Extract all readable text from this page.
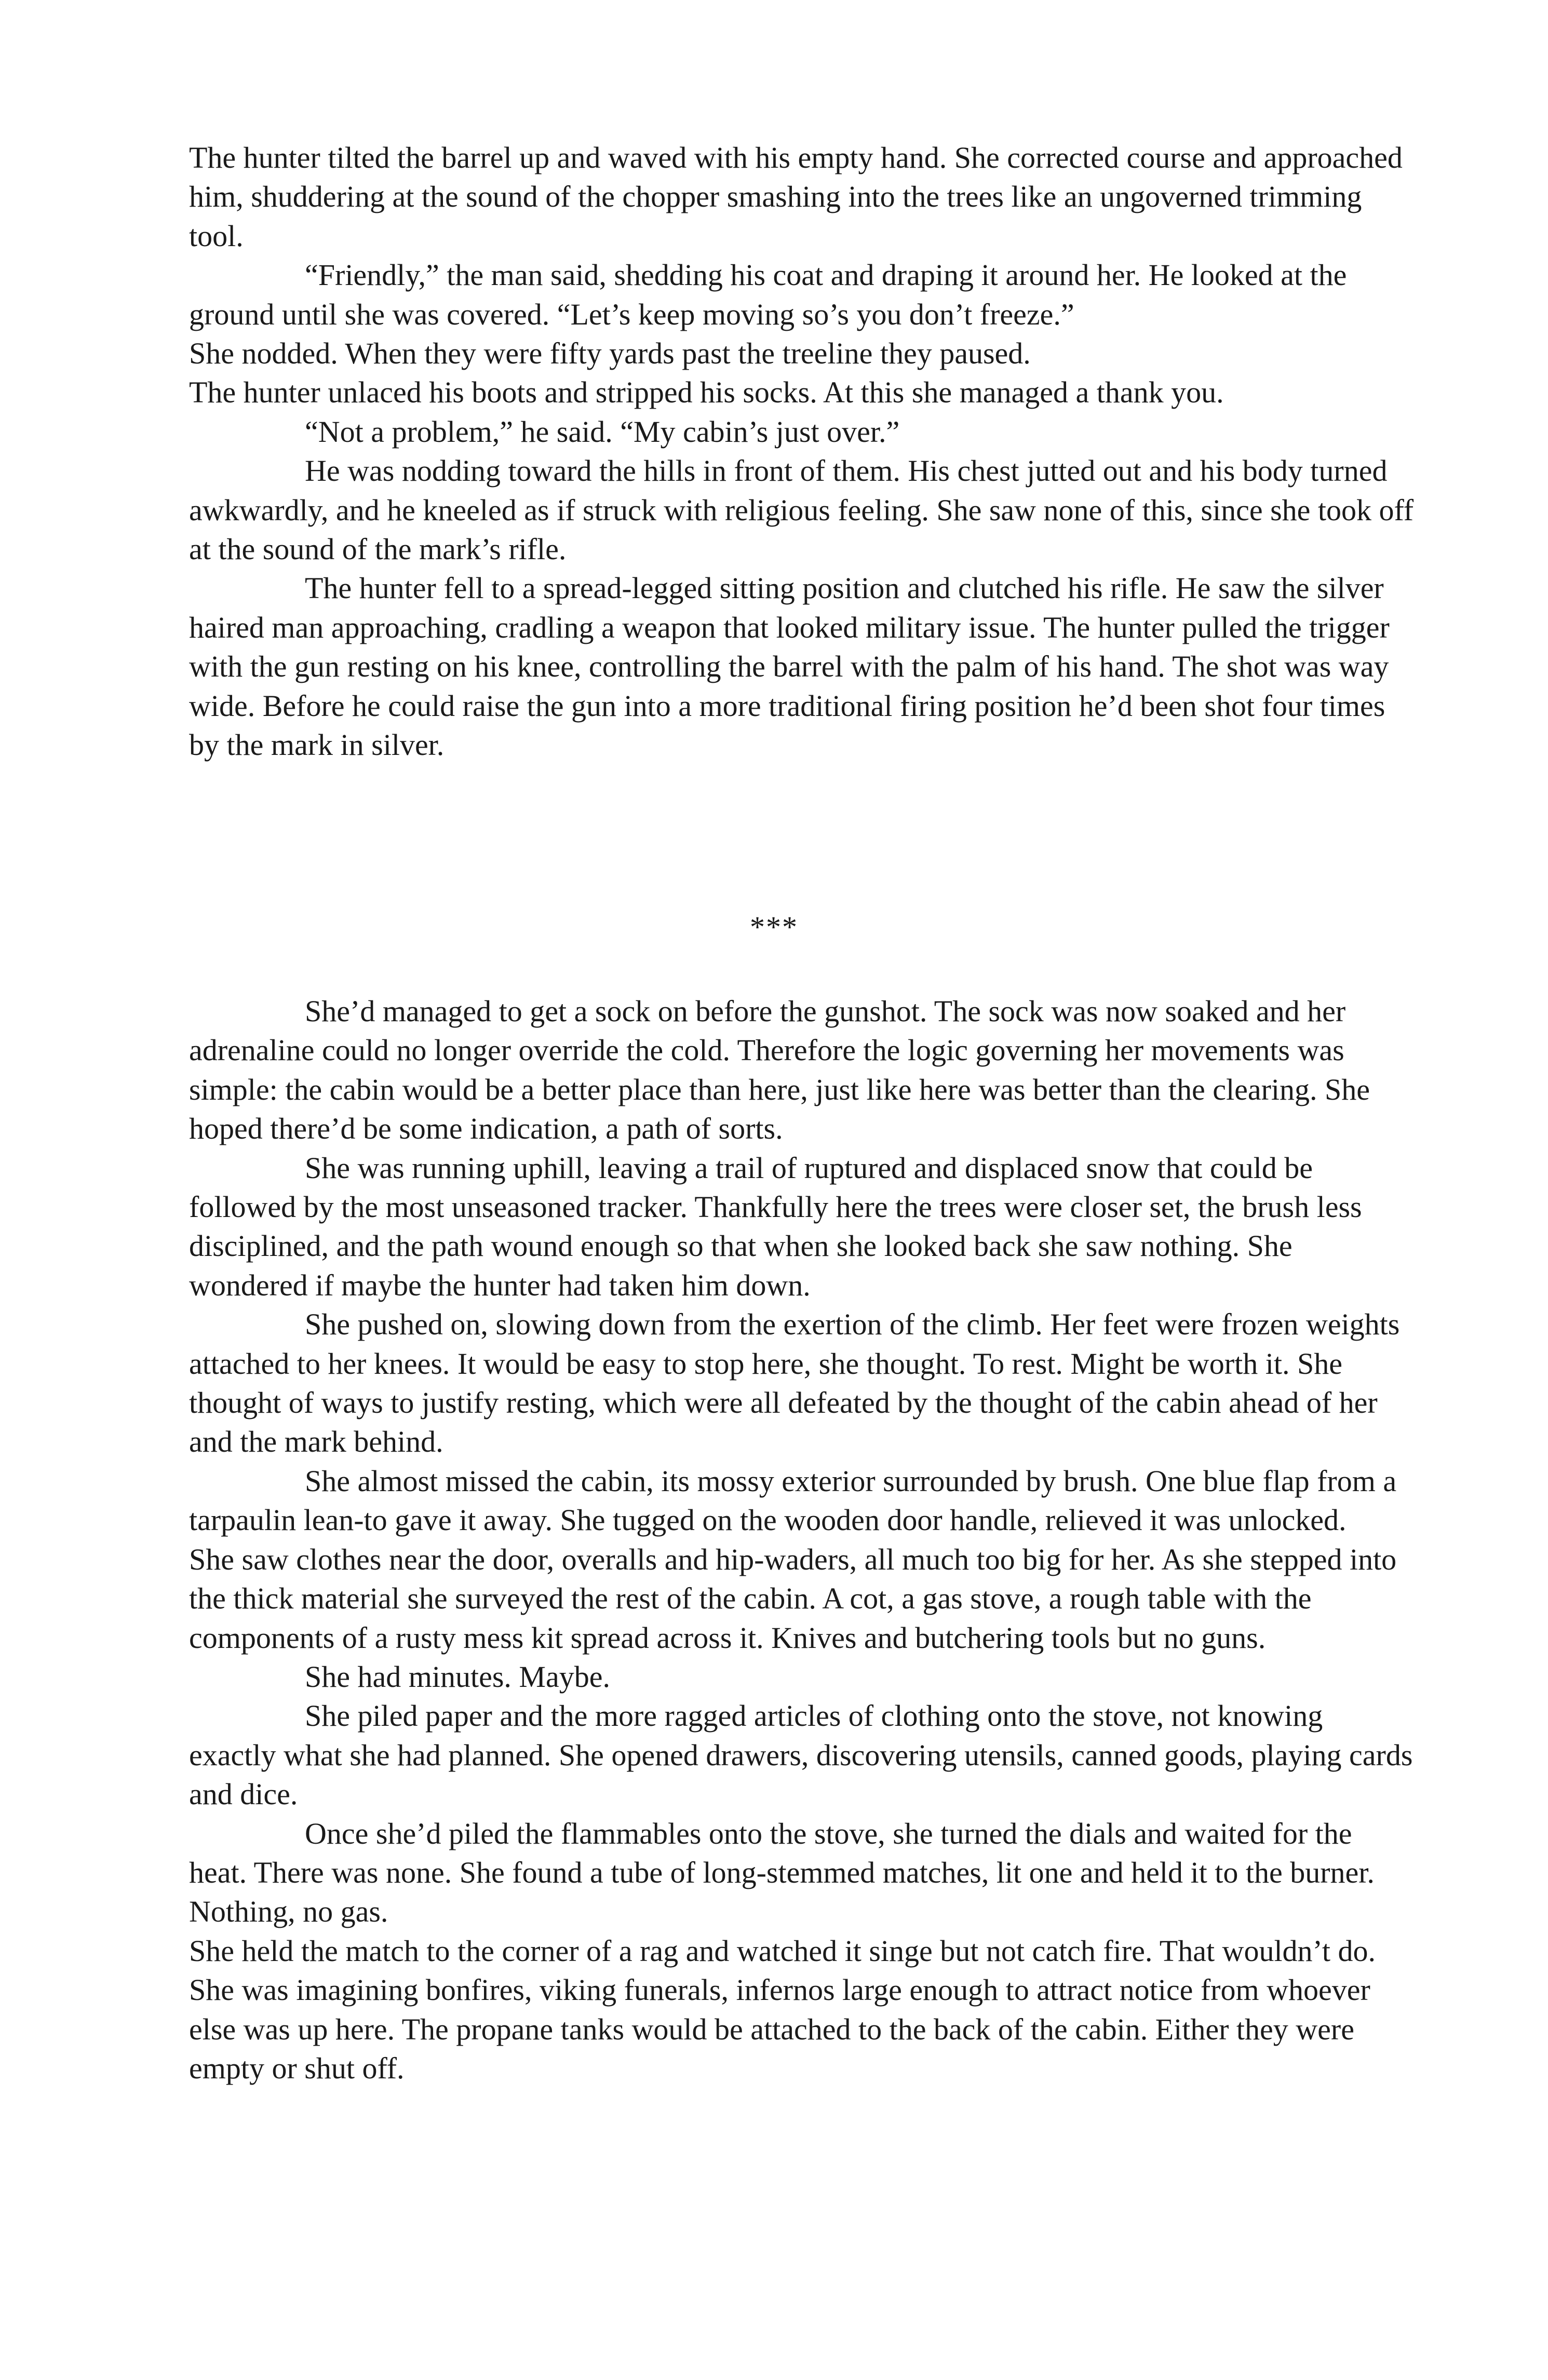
The hunter tilted the barrel up and waved with his empty hand. She corrected course and approached him, shuddering at the sound of the chopper smashing into the trees like an ungoverned trimming tool.

“Friendly,” the man said, shedding his coat and draping it around her. He looked at the ground until she was covered. “Let’s keep moving so’s you don’t freeze.”

She nodded. When they were fifty yards past the treeline they paused.

The hunter unlaced his boots and stripped his socks. At this she managed a thank you.

“Not a problem,” he said. “My cabin’s just over.”

He was nodding toward the hills in front of them. His chest jutted out and his body turned awkwardly, and he kneeled as if struck with religious feeling. She saw none of this, since she took off at the sound of the mark’s rifle.

The hunter fell to a spread-legged sitting position and clutched his rifle. He saw the silver haired man approaching, cradling a weapon that looked military issue. The hunter pulled the trigger with the gun resting on his knee, controlling the barrel with the palm of his hand. The shot was way wide. Before he could raise the gun into a more traditional firing position he’d been shot four times by the mark in silver.

***

She’d managed to get a sock on before the gunshot. The sock was now soaked and her adrenaline could no longer override the cold. Therefore the logic governing her movements was simple: the cabin would be a better place than here, just like here was better than the clearing. She hoped there’d be some indication, a path of sorts.

She was running uphill, leaving a trail of ruptured and displaced snow that could be followed by the most unseasoned tracker. Thankfully here the trees were closer set, the brush less disciplined, and the path wound enough so that when she looked back she saw nothing. She wondered if maybe the hunter had taken him down.

She pushed on, slowing down from the exertion of the climb. Her feet were frozen weights attached to her knees. It would be easy to stop here, she thought. To rest. Might be worth it. She thought of ways to justify resting, which were all defeated by the thought of the cabin ahead of her and the mark behind.

She almost missed the cabin, its mossy exterior surrounded by brush. One blue flap from a tarpaulin lean-to gave it away. She tugged on the wooden door handle, relieved it was unlocked.

She saw clothes near the door, overalls and hip-waders, all much too big for her. As she stepped into the thick material she surveyed the rest of the cabin. A cot, a gas stove, a rough table with the components of a rusty mess kit spread across it. Knives and butchering tools but no guns.

She had minutes. Maybe.

She piled paper and the more ragged articles of clothing onto the stove, not knowing exactly what she had planned. She opened drawers, discovering utensils, canned goods, playing cards and dice.

Once she’d piled the flammables onto the stove, she turned the dials and waited for the heat. There was none. She found a tube of long-stemmed matches, lit one and held it to the burner. Nothing, no gas.

She held the match to the corner of a rag and watched it singe but not catch fire. That wouldn’t do. She was imagining bonfires, viking funerals, infernos large enough to attract notice from whoever else was up here. The propane tanks would be attached to the back of the cabin. Either they were empty or shut off.
